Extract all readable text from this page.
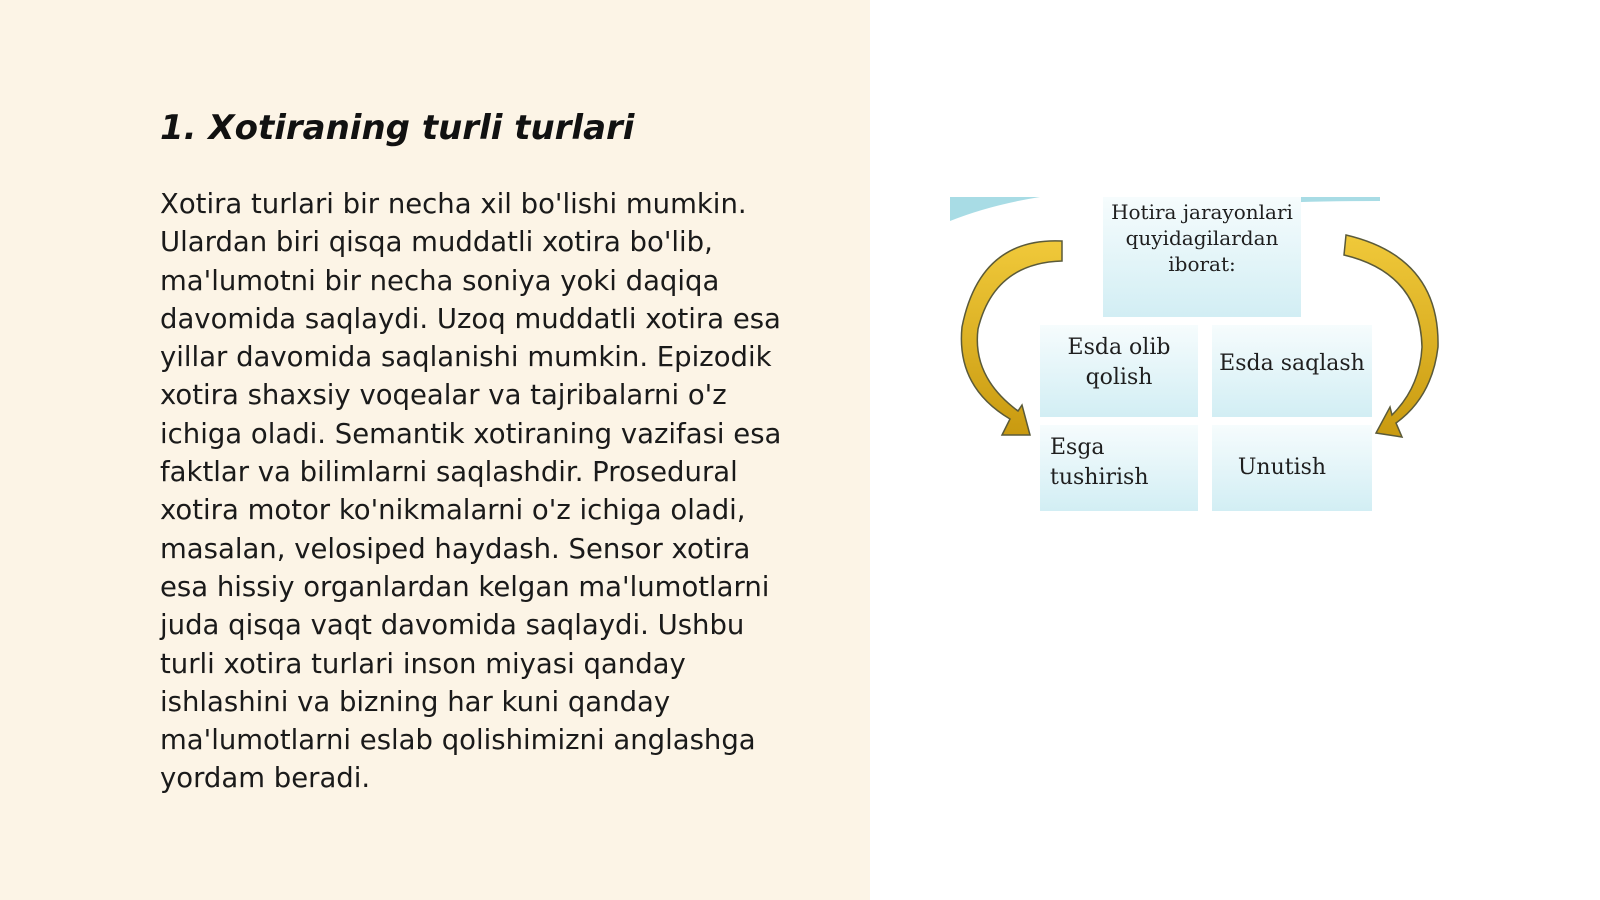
1. Xotiraning turli turlari
Xotira turlari bir necha xil bo'lishi mumkin.
Ulardan biri qisqa muddatli xotira bo'lib,
ma'lumotni bir necha soniya yoki daqiqa
davomida saqlaydi. Uzoq muddatli xotira esa
yillar davomida saqlanishi mumkin. Epizodik
xotira shaxsiy voqealar va tajribalarni o'z
ichiga oladi. Semantik xotiraning vazifasi esa
faktlar va bilimlarni saqlashdir. Prosedural
xotira motor ko'nikmalarni o'z ichiga oladi,
masalan, velosiped haydash. Sensor xotira
esa hissiy organlardan kelgan ma'lumotlarni
juda qisqa vaqt davomida saqlaydi. Ushbu
turli xotira turlari inson miyasi qanday
ishlashini va bizning har kuni qanday
ma'lumotlarni eslab qolishimizni anglashga
yordam beradi.
Hotira jarayonlari quyidagilardan iborat:
Esda olib qolish
Esda saqlash
Esga tushirish	Unutish
